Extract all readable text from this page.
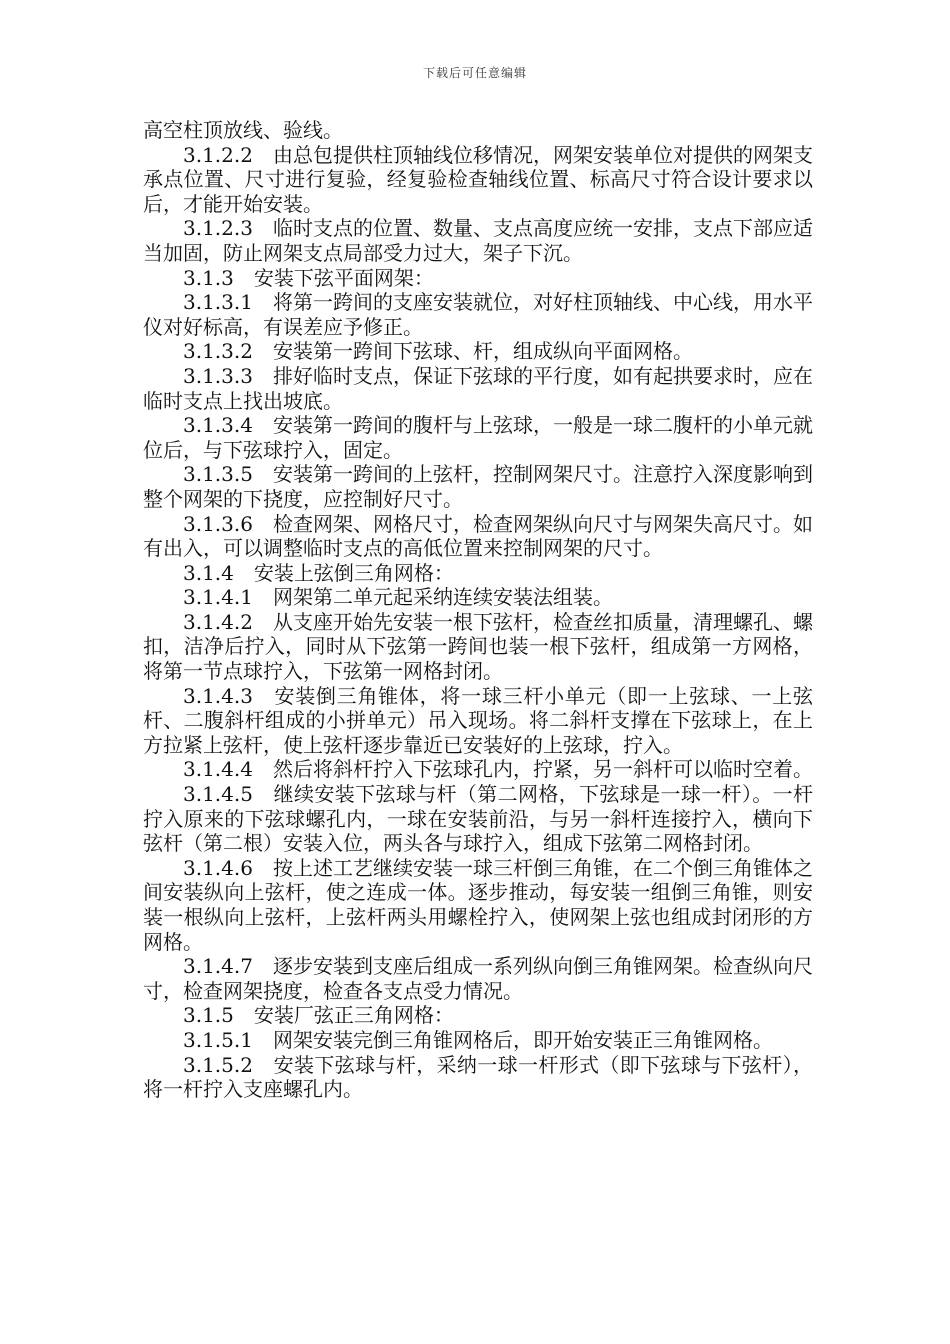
下载后可任意编辑

高空柱顶放线、验线。

3.1.2.2　由总包提供柱顶轴线位移情况，网架安装单位对提供的网架支承点位置、尺寸进行复验，经复验检查轴线位置、标高尺寸符合设计要求以后，才能开始安装。

3.1.2.3　临时支点的位置、数量、支点高度应统一安排，支点下部应适当加固，防止网架支点局部受力过大，架子下沉。

3.1.3　安装下弦平面网架：

3.1.3.1　将第一跨间的支座安装就位，对好柱顶轴线、中心线，用水平仪对好标高，有误差应予修正。

3.1.3.2　安装第一跨间下弦球、杆，组成纵向平面网格。

3.1.3.3　排好临时支点，保证下弦球的平行度，如有起拱要求时，应在临时支点上找出坡底。

3.1.3.4　安装第一跨间的腹杆与上弦球，一般是一球二腹杆的小单元就位后，与下弦球拧入，固定。

3.1.3.5　安装第一跨间的上弦杆，控制网架尺寸。注意拧入深度影响到整个网架的下挠度，应控制好尺寸。

3.1.3.6　检查网架、网格尺寸，检查网架纵向尺寸与网架失高尺寸。如有出入，可以调整临时支点的高低位置来控制网架的尺寸。

3.1.4　安装上弦倒三角网格：

3.1.4.1　网架第二单元起采纳连续安装法组装。

3.1.4.2　从支座开始先安装一根下弦杆，检查丝扣质量，清理螺孔、螺扣，洁净后拧入，同时从下弦第一跨间也装一根下弦杆，组成第一方网格，将第一节点球拧入，下弦第一网格封闭。

3.1.4.3　安装倒三角锥体，将一球三杆小单元（即一上弦球、一上弦杆、二腹斜杆组成的小拼单元）吊入现场。将二斜杆支撑在下弦球上，在上方拉紧上弦杆，使上弦杆逐步靠近已安装好的上弦球，拧入。

3.1.4.4　然后将斜杆拧入下弦球孔内，拧紧，另一斜杆可以临时空着。

3.1.4.5　继续安装下弦球与杆（第二网格，下弦球是一球一杆）。一杆拧入原来的下弦球螺孔内，一球在安装前沿，与另一斜杆连接拧入，横向下弦杆（第二根）安装入位，两头各与球拧入，组成下弦第二网格封闭。

3.1.4.6　按上述工艺继续安装一球三杆倒三角锥，在二个倒三角锥体之间安装纵向上弦杆，使之连成一体。逐步推动，每安装一组倒三角锥，则安装一根纵向上弦杆，上弦杆两头用螺栓拧入，使网架上弦也组成封闭形的方网格。

3.1.4.7　逐步安装到支座后组成一系列纵向倒三角锥网架。检查纵向尺寸，检查网架挠度，检查各支点受力情况。

3.1.5　安装厂弦正三角网格：

3.1.5.1　网架安装完倒三角锥网格后，即开始安装正三角锥网格。

3.1.5.2　安装下弦球与杆，采纳一球一杆形式（即下弦球与下弦杆），将一杆拧入支座螺孔内。
